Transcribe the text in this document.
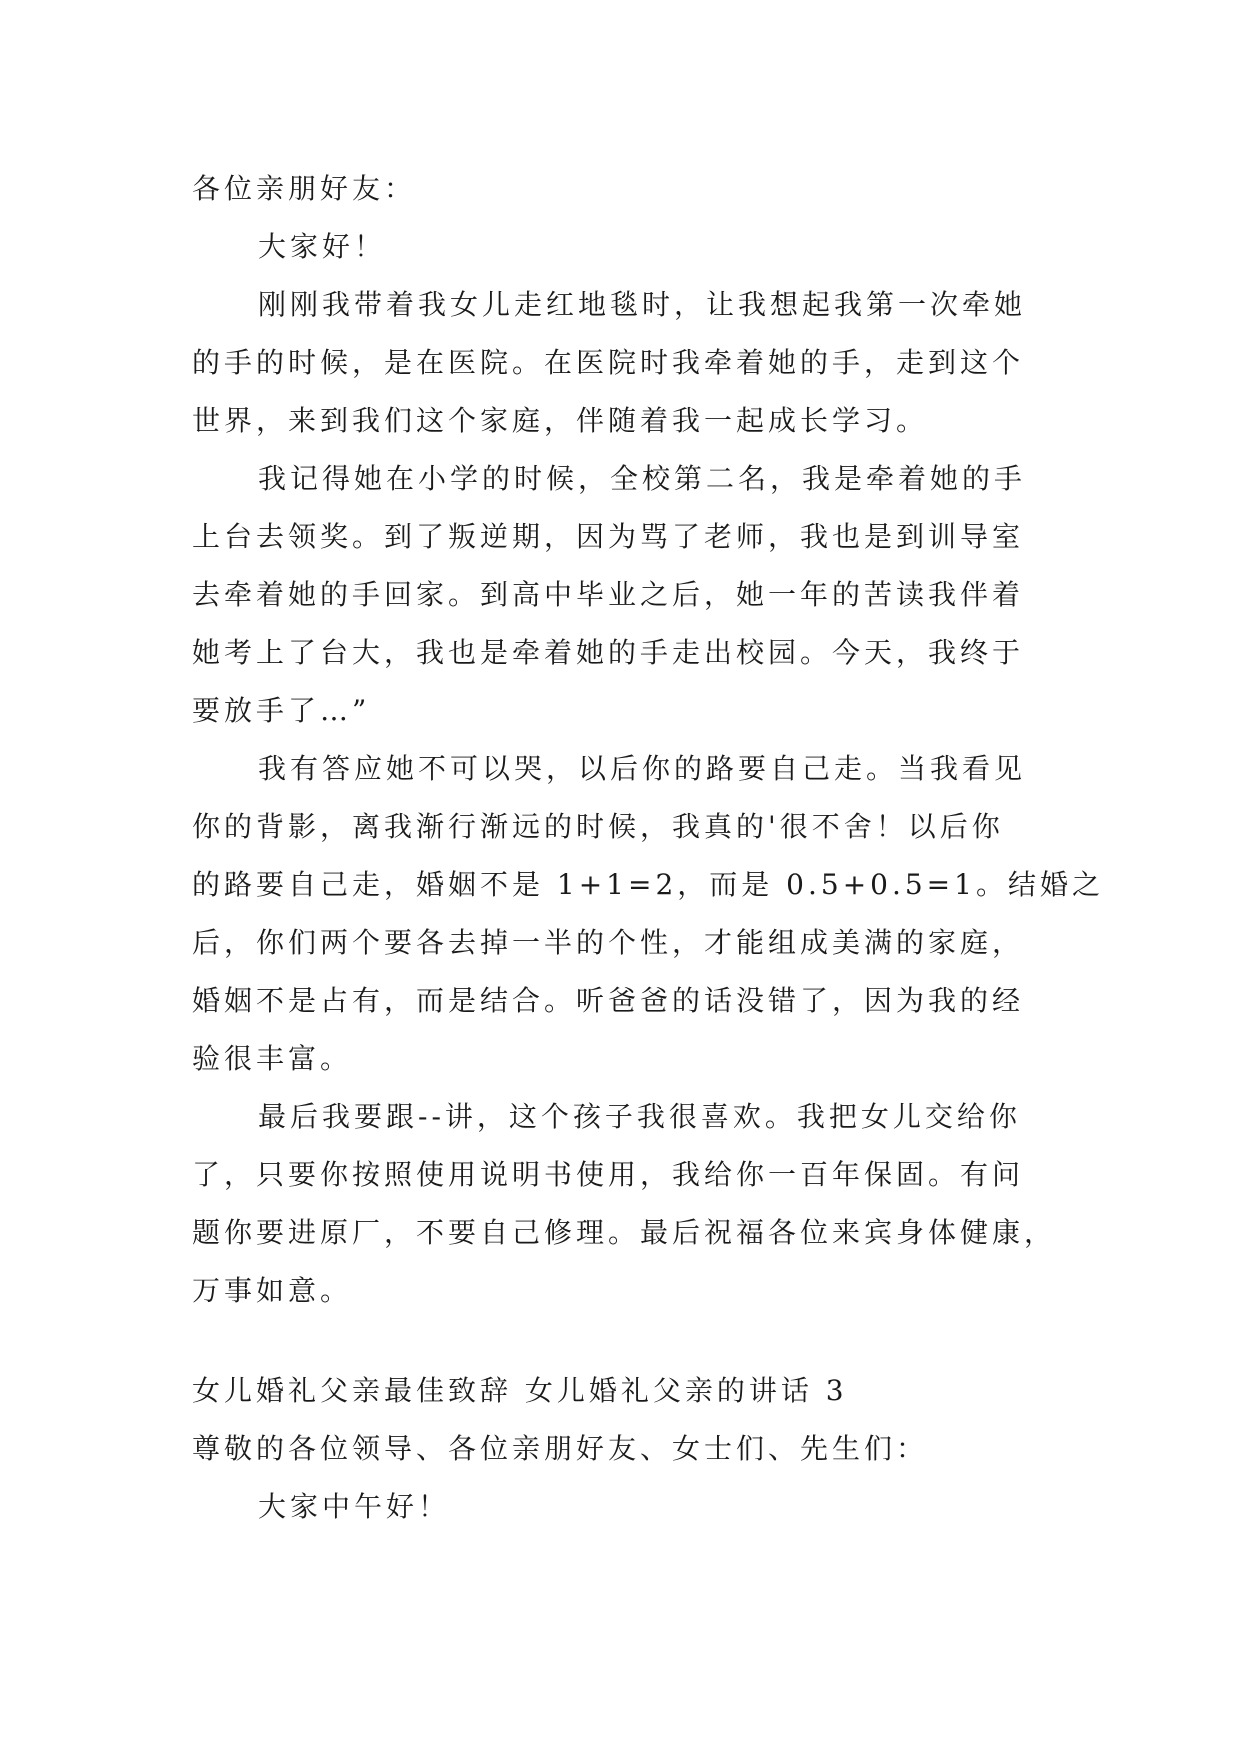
各位亲朋好友：

大家好！

刚刚我带着我女儿走红地毯时，让我想起我第一次牵她

的手的时候，是在医院。在医院时我牵着她的手，走到这个

世界，来到我们这个家庭，伴随着我一起成长学习。

我记得她在小学的时候，全校第二名，我是牵着她的手

上台去领奖。到了叛逆期，因为骂了老师，我也是到训导室

去牵着她的手回家。到高中毕业之后，她一年的苦读我伴着

她考上了台大，我也是牵着她的手走出校园。今天，我终于

要放手了…”

我有答应她不可以哭，以后你的路要自己走。当我看见

你的背影，离我渐行渐远的时候，我真的'很不舍！以后你

的路要自己走，婚姻不是 1+1=2，而是 0.5+0.5=1。结婚之

后，你们两个要各去掉一半的个性，才能组成美满的家庭，

婚姻不是占有，而是结合。听爸爸的话没错了，因为我的经

验很丰富。

最后我要跟--讲，这个孩子我很喜欢。我把女儿交给你

了，只要你按照使用说明书使用，我给你一百年保固。有问

题你要进原厂，不要自己修理。最后祝福各位来宾身体健康，

万事如意。

女儿婚礼父亲最佳致辞 女儿婚礼父亲的讲话 3

尊敬的各位领导、各位亲朋好友、女士们、先生们：

大家中午好！
